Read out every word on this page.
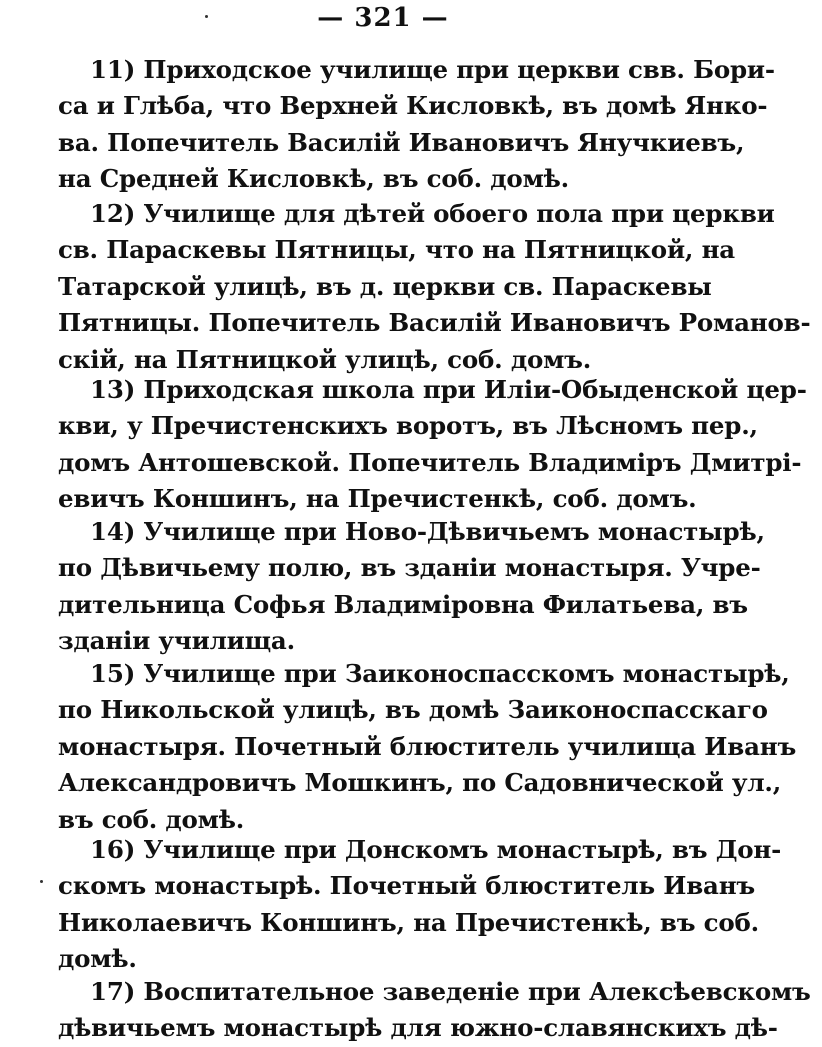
— 321 —
11) Приходское училище при церкви свв. Бори-
са и Глѣба, что Верхней Кисловкѣ, въ домѣ Янко-
ва. Попечитель Василій Ивановичъ Янучкиевъ,
на Средней Кисловкѣ, въ соб. домѣ.
12) Училище для дѣтей обоего пола при церкви
св. Параскевы Пятницы, что на Пятницкой, на
Татарской улицѣ, въ д. церкви св. Параскевы
Пятницы. Попечитель Василій Ивановичъ Романов-
скій, на Пятницкой улицѣ, соб. домъ.
13) Приходская школа при Иліи-Обыденской цер-
кви, у Пречистенскихъ воротъ, въ Лѣсномъ пер.,
домъ Антошевской. Попечитель Владиміръ Дмитрі-
евичъ Коншинъ, на Пречистенкѣ, соб. домъ.
14) Училище при Ново-Дѣвичьемъ монастырѣ,
по Дѣвичьему полю, въ зданіи монастыря. Учре-
дительница Софья Владиміровна Филатьева, въ
зданіи училища.
15) Училище при Заиконоспасскомъ монастырѣ,
по Никольской улицѣ, въ домѣ Заиконоспасскаго
монастыря. Почетный блюститель училища Иванъ
Александровичъ Мошкинъ, по Садовнической ул.,
въ соб. домѣ.
16) Училище при Донскомъ монастырѣ, въ Дон-
скомъ монастырѣ. Почетный блюститель Иванъ
Николаевичъ Коншинъ, на Пречистенкѣ, въ соб.
домѣ.
17) Воспитательное заведеніе при Алексѣевскомъ
дѣвичьемъ монастырѣ для южно-славянскихъ дѣ-
